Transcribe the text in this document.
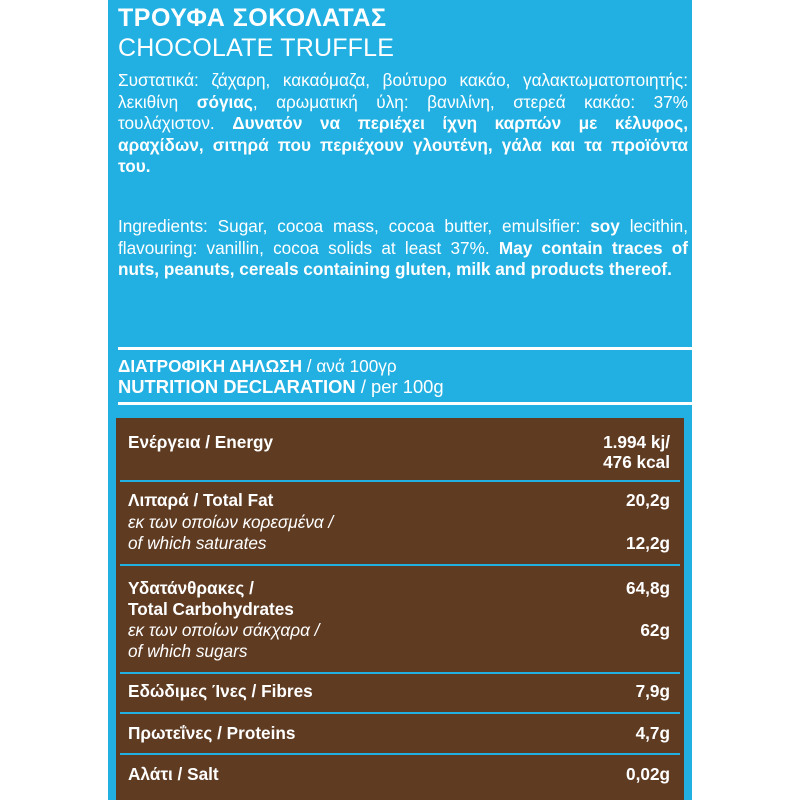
ΤΡΟΥΦΑ ΣΟΚΟΛΑΤΑΣ
CHOCOLATE TRUFFLE
Συστατικά: ζάχαρη, κακαόμαζα, βούτυρο κακάο, γαλακτωματοποιητής: λεκιθίνη σόγιας, αρωματική ύλη: βανιλίνη, στερεά κακάο: 37% τουλάχιστον. Δυνατόν να περιέχει ίχνη καρπών με κέλυφος, αραχίδων, σιτηρά που περιέχουν γλουτένη, γάλα και τα προϊόντα του.
Ingredients: Sugar, cocoa mass, cocoa butter, emulsifier: soy lecithin, flavouring: vanillin, cocoa solids at least 37%. May contain traces of nuts, peanuts, cereals containing gluten, milk and products thereof.
ΔΙΑΤΡΟΦΙΚΗ ΔΗΛΩΣΗ / ανά 100γρ
NUTRITION DECLARATION / per 100g
Ενέργεια / Energy	1.994 kj/
476 kcal
Λιπαρά / Total Fat	20,2g
εκ των οποίων κορεσμένα /
of which saturates	12,2g
Υδατάνθρακες /	64,8g
Total Carbohydrates
εκ των οποίων σάκχαρα /	62g
of which sugars
Εδώδιμες Ίνες / Fibres	7,9g
Πρωτεΐνες / Proteins	4,7g
Αλάτι / Salt	0,02g
